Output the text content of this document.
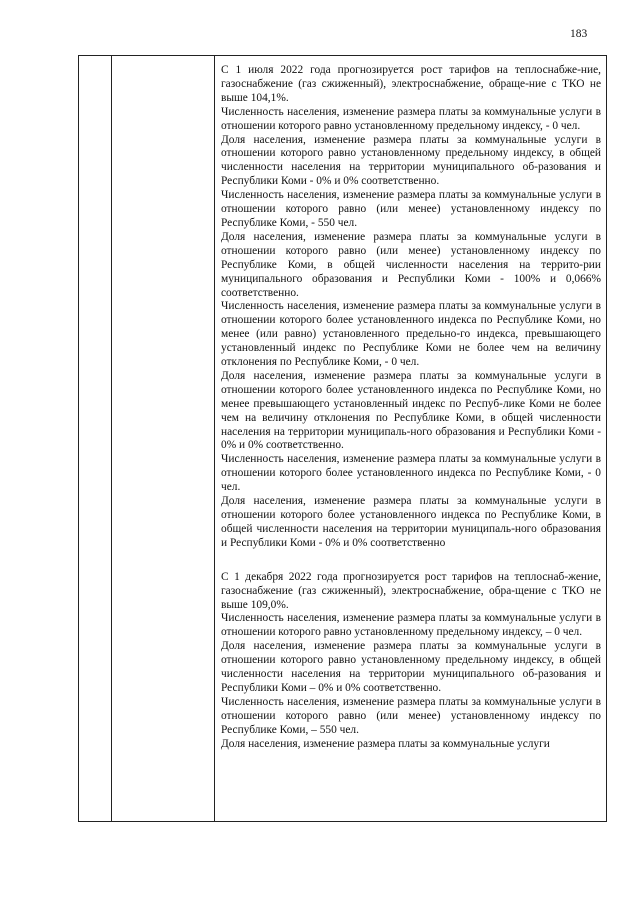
183

С 1 июля 2022 года прогнозируется рост тарифов на теплоснабже-ние, газоснабжение (газ сжиженный), электроснабжение, обраще-ние с ТКО не выше 104,1%.

Численность населения, изменение размера платы за коммунальные услуги в отношении которого равно установленному предельному индексу, - 0 чел.

Доля населения, изменение размера платы за коммунальные услуги в отношении которого равно установленному предельному индексу, в общей численности населения на территории муниципального об-разования и Республики Коми - 0% и 0% соответственно.

Численность населения, изменение размера платы за коммунальные услуги в отношении которого равно (или менее) установленному индексу по Республике Коми, - 550 чел.

Доля населения, изменение размера платы за коммунальные услуги в отношении которого равно (или менее) установленному индексу по Республике Коми, в общей численности населения на террито-рии муниципального образования и Республики Коми - 100% и 0,066% соответственно.

Численность населения, изменение размера платы за коммунальные услуги в отношении которого более установленного индекса по Республике Коми, но менее (или равно) установленного предельно-го индекса, превышающего установленный индекс по Республике Коми не более чем на величину отклонения по Республике Коми, - 0 чел.

Доля населения, изменение размера платы за коммунальные услуги в отношении которого более установленного индекса по Республике Коми, но менее превышающего установленный индекс по Респуб-лике Коми не более чем на величину отклонения по Республике Коми, в общей численности населения на территории муниципаль-ного образования и Республики Коми - 0% и 0% соответственно.

Численность населения, изменение размера платы за коммунальные услуги в отношении которого более установленного индекса по Республике Коми, - 0 чел.

Доля населения, изменение размера платы за коммунальные услуги в отношении которого более установленного индекса по Республике Коми, в общей численности населения на территории муниципаль-ного образования и Республики Коми - 0% и 0% соответственно

С 1 декабря 2022 года прогнозируется рост тарифов на теплоснаб-жение, газоснабжение (газ сжиженный), электроснабжение, обра-щение с ТКО не выше 109,0%.

Численность населения, изменение размера платы за коммунальные услуги в отношении которого равно установленному предельному индексу, – 0 чел.

Доля населения, изменение размера платы за коммунальные услуги в отношении которого равно установленному предельному индексу, в общей численности населения на территории муниципального об-разования и Республики Коми – 0% и 0% соответственно.

Численность населения, изменение размера платы за коммунальные услуги в отношении которого равно (или менее) установленному индексу по Республике Коми, – 550 чел.

Доля населения, изменение размера платы за коммунальные услуги
